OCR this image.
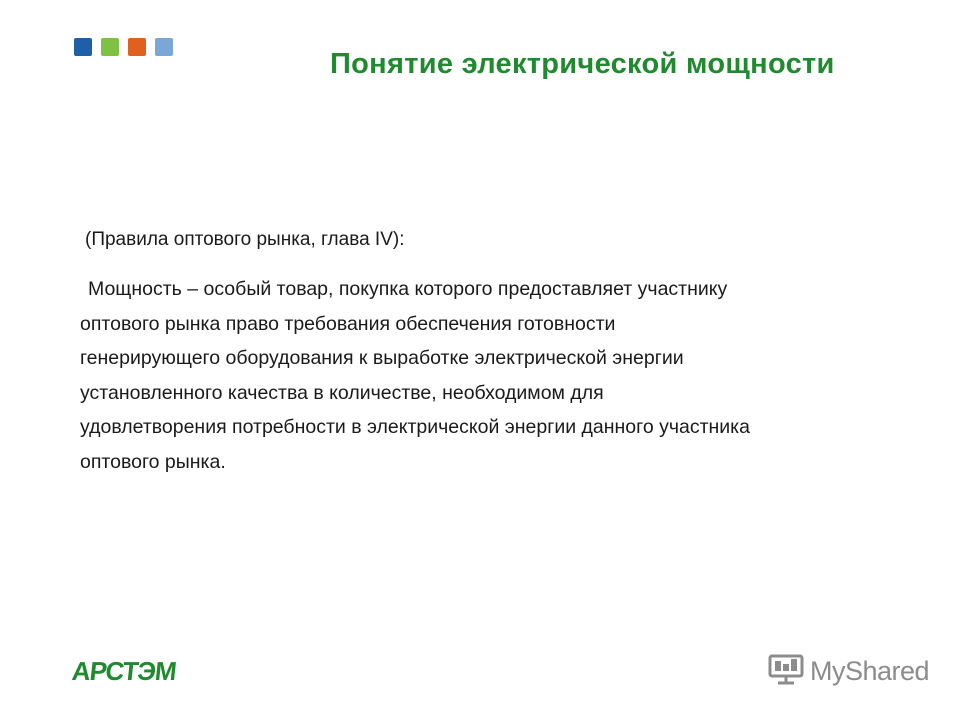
Понятие электрической мощности
(Правила оптового рынка, глава IV):
Мощность – особый товар, покупка которого предоставляет участнику
оптового рынка право требования обеспечения готовности
генерирующего оборудования к выработке электрической энергии
установленного качества в количестве, необходимом для
удовлетворения потребности в электрической энергии данного участника
оптового рынка.
АРСТЭМ	MyShared
